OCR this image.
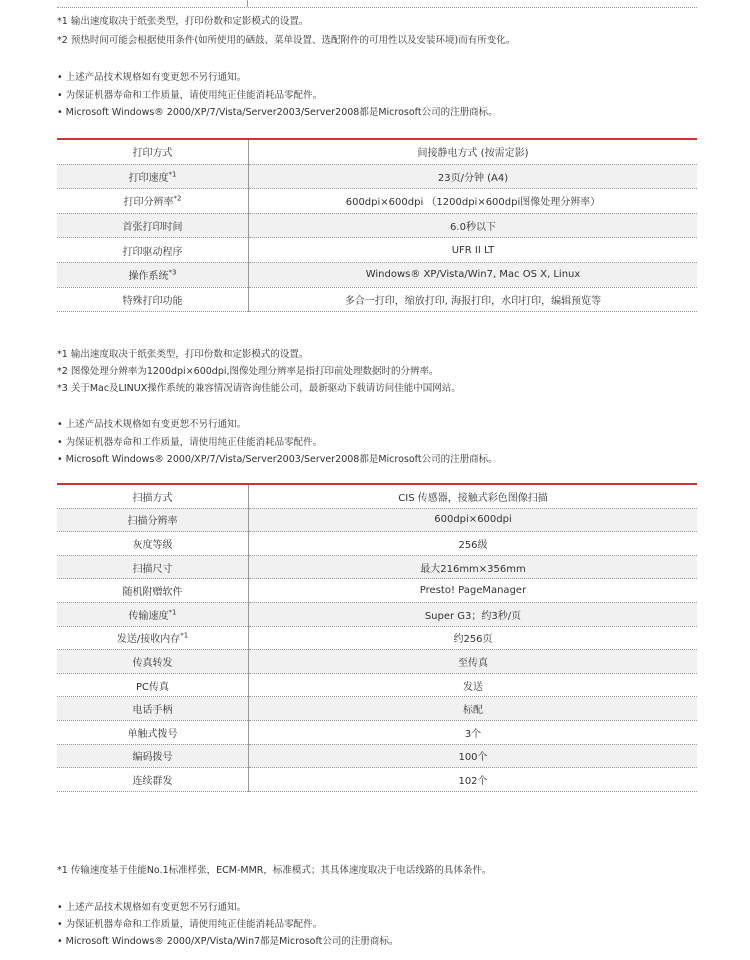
*1 输出速度取决于纸张类型，打印份数和定影模式的设置。
*2 预热时间可能会根据使用条件(如所使用的硒鼓、菜单设置、选配附件的可用性以及安装环境)而有所变化。
• 上述产品技术规格如有变更恕不另行通知。
• 为保证机器寿命和工作质量，请使用纯正佳能消耗品零配件。
• Microsoft Windows® 2000/XP/7/Vista/Server2003/Server2008都是Microsoft公司的注册商标。
打印方式	间接静电方式 (按需定影)
打印速度$^{*1}$	23页/分钟 (A4)
打印分辨率$^{*2}$	600dpi×600dpi （1200dpi×600dpi图像处理分辨率）
首张打印时间	6.0秒以下
打印驱动程序	UFR II LT
操作系统$^{*3}$	Windows® XP/Vista/Win7, Mac OS X, Linux
特殊打印功能	多合一打印，缩放打印, 海报打印，水印打印，编辑预览等
*1 输出速度取决于纸张类型，打印份数和定影模式的设置。
*2 图像处理分辨率为1200dpi×600dpi,图像处理分辨率是指打印前处理数据时的分辨率。
*3 关于Mac及LINUX操作系统的兼容情况请咨询佳能公司，最新驱动下载请访问佳能中国网站。
• 上述产品技术规格如有变更恕不另行通知。
• 为保证机器寿命和工作质量，请使用纯正佳能消耗品零配件。
• Microsoft Windows® 2000/XP/7/Vista/Server2003/Server2008都是Microsoft公司的注册商标。
扫描方式	CIS 传感器，接触式彩色图像扫描
扫描分辨率	600dpi×600dpi
灰度等级	256级
扫描尺寸	最大216mm×356mm
随机附赠软件	Presto! PageManager
传输速度$^{*1}$	Super G3；约3秒/页
发送/接收内存$^{*1}$	约256页
传真转发	至传真
PC传真	发送
电话手柄	标配
单触式拨号	3个
编码拨号	100个
连续群发	102个
*1 传输速度基于佳能No.1标准样张，ECM-MMR，标准模式；其具体速度取决于电话线路的具体条件。
• 上述产品技术规格如有变更恕不另行通知。
• 为保证机器寿命和工作质量，请使用纯正佳能消耗品零配件。
• Microsoft Windows® 2000/XP/Vista/Win7都是Microsoft公司的注册商标。
